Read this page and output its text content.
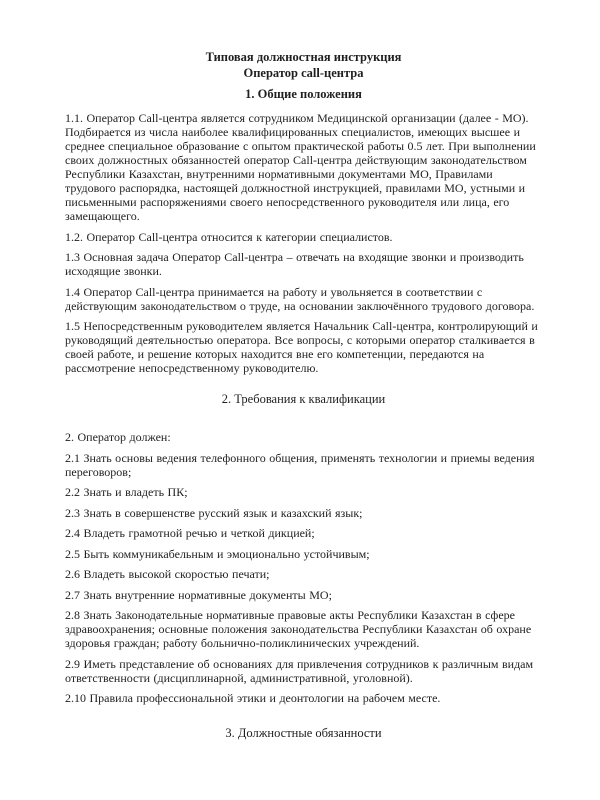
Типовая должностная инструкция
Оператор call-центра
1. Общие положения

1.1. Оператор Call-центра является сотрудником Медицинской организации (далее - МО). Подбирается из числа наиболее квалифицированных специалистов, имеющих высшее и среднее специальное образование с опытом практической работы 0.5 лет. При выполнении своих должностных обязанностей оператор Call-центра действующим законодательством Республики Казахстан, внутренними нормативными документами МО, Правилами трудового распорядка, настоящей должностной инструкцией, правилами МО, устными и письменными распоряжениями своего непосредственного руководителя или лица, его замещающего.

1.2. Оператор Call-центра относится к категории специалистов.

1.3 Основная задача Оператор Call-центра – отвечать на входящие звонки и производить исходящие звонки.

1.4 Оператор Call-центра принимается на работу и увольняется в соответствии с действующим законодательством о труде, на основании заключённого трудового договора.

1.5 Непосредственным руководителем является Начальник Call-центра, контролирующий и руководящий деятельностью оператора. Все вопросы, с которыми оператор сталкивается в своей работе, и решение которых находится вне его компетенции, передаются на рассмотрение непосредственному руководителю.

2. Требования к квалификации

2. Оператор должен:

2.1 Знать основы ведения телефонного общения, применять технологии и приемы ведения переговоров;

2.2 Знать и владеть ПК;

2.3 Знать в совершенстве русский язык и казахский язык;

2.4 Владеть грамотной речью и четкой дикцией;

2.5 Быть коммуникабельным и эмоционально устойчивым;

2.6 Владеть высокой скоростью печати;

2.7 Знать внутренние нормативные документы МО;

2.8 Знать Законодательные нормативные правовые акты Республики Казахстан в сфере здравоохранения; основные положения законодательства Республики Казахстан об охране здоровья граждан; работу больнично-поликлинических учреждений.

2.9 Иметь представление об основаниях для привлечения сотрудников к различным видам ответственности (дисциплинарной, административной, уголовной).

2.10 Правила профессиональной этики и деонтологии на рабочем месте.

3. Должностные обязанности
